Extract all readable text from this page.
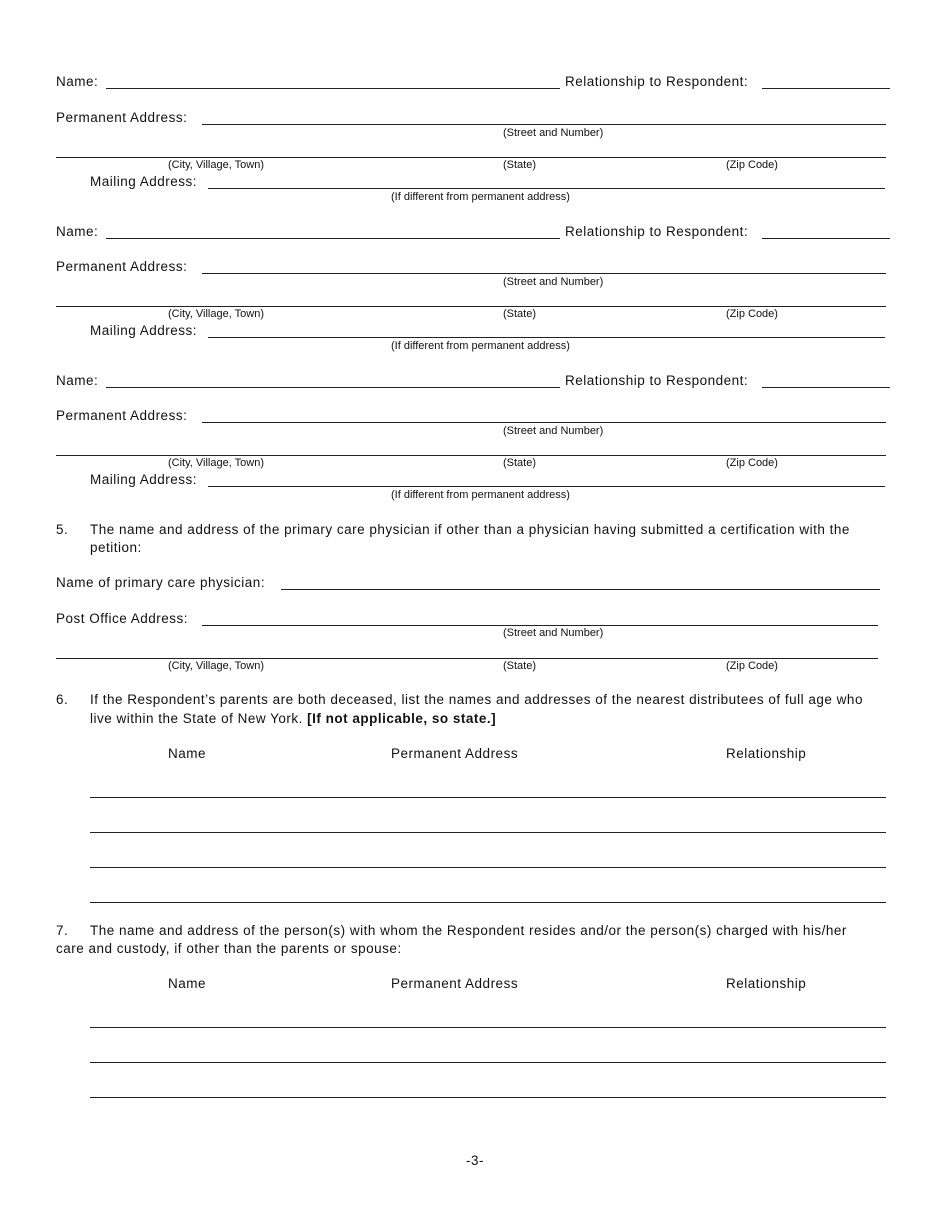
Name:	Relationship to Respondent:
Permanent Address:
(Street and Number)
(City, Village, Town)	(State)	(Zip Code)
Mailing Address:
(If different from permanent address)
Name:	Relationship to Respondent:
Permanent Address:
(Street and Number)
(City, Village, Town)	(State)	(Zip Code)
Mailing Address:
(If different from permanent address)
Name:	Relationship to Respondent:
Permanent Address:
(Street and Number)
(City, Village, Town)	(State)	(Zip Code)
Mailing Address:
(If different from permanent address)
5. The name and address of the primary care physician if other than a physician having submitted a certification with the
petition:
Name of primary care physician:
Post Office Address:
(Street and Number)
(City, Village, Town)	(State)	(Zip Code)
6. If the Respondent’s parents are both deceased, list the names and addresses of the nearest distributees of full age who
live within the State of New York. [If not applicable, so state.]
Name	Permanent Address	Relationship
7. The name and address of the person(s) with whom the Respondent resides and/or the person(s) charged with his/her
care and custody, if other than the parents or spouse:
Name	Permanent Address	Relationship
-3-
